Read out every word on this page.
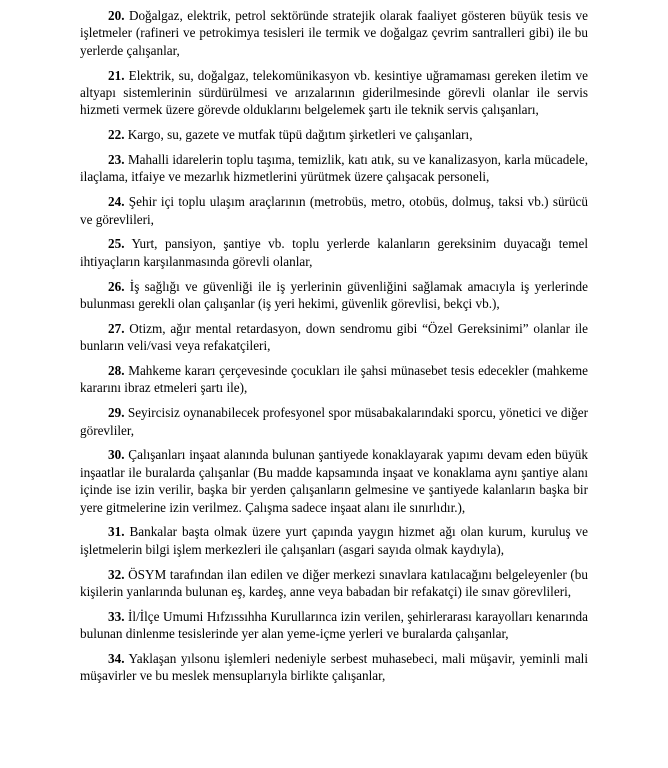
20. Doğalgaz, elektrik, petrol sektöründe stratejik olarak faaliyet gösteren büyük tesis ve işletmeler (rafineri ve petrokimya tesisleri ile termik ve doğalgaz çevrim santralleri gibi) ile bu yerlerde çalışanlar,

21. Elektrik, su, doğalgaz, telekomünikasyon vb. kesintiye uğramaması gereken iletim ve altyapı sistemlerinin sürdürülmesi ve arızalarının giderilmesinde görevli olanlar ile servis hizmeti vermek üzere görevde olduklarını belgelemek şartı ile teknik servis çalışanları,

22. Kargo, su, gazete ve mutfak tüpü dağıtım şirketleri ve çalışanları,

23. Mahalli idarelerin toplu taşıma, temizlik, katı atık, su ve kanalizasyon, karla mücadele, ilaçlama, itfaiye ve mezarlık hizmetlerini yürütmek üzere çalışacak personeli,

24. Şehir içi toplu ulaşım araçlarının (metrobüs, metro, otobüs, dolmuş, taksi vb.) sürücü ve görevlileri,

25. Yurt, pansiyon, şantiye vb. toplu yerlerde kalanların gereksinim duyacağı temel ihtiyaçların karşılanmasında görevli olanlar,

26. İş sağlığı ve güvenliği ile iş yerlerinin güvenliğini sağlamak amacıyla iş yerlerinde bulunması gerekli olan çalışanlar (iş yeri hekimi, güvenlik görevlisi, bekçi vb.),

27. Otizm, ağır mental retardasyon, down sendromu gibi “Özel Gereksinimi” olanlar ile bunların veli/vasi veya refakatçileri,

28. Mahkeme kararı çerçevesinde çocukları ile şahsi münasebet tesis edecekler (mahkeme kararını ibraz etmeleri şartı ile),

29. Seyircisiz oynanabilecek profesyonel spor müsabakalarındaki sporcu, yönetici ve diğer görevliler,

30. Çalışanları inşaat alanında bulunan şantiyede konaklayarak yapımı devam eden büyük inşaatlar ile buralarda çalışanlar (Bu madde kapsamında inşaat ve konaklama aynı şantiye alanı içinde ise izin verilir, başka bir yerden çalışanların gelmesine ve şantiyede kalanların başka bir yere gitmelerine izin verilmez. Çalışma sadece inşaat alanı ile sınırlıdır.),

31. Bankalar başta olmak üzere yurt çapında yaygın hizmet ağı olan kurum, kuruluş ve işletmelerin bilgi işlem merkezleri ile çalışanları (asgari sayıda olmak kaydıyla),

32. ÖSYM tarafından ilan edilen ve diğer merkezi sınavlara katılacağını belgeleyenler (bu kişilerin yanlarında bulunan eş, kardeş, anne veya babadan bir refakatçi) ile sınav görevlileri,

33. İl/İlçe Umumi Hıfzıssıhha Kurullarınca izin verilen, şehirlerarası karayolları kenarında bulunan dinlenme tesislerinde yer alan yeme-içme yerleri ve buralarda çalışanlar,

34. Yaklaşan yılsonu işlemleri nedeniyle serbest muhasebeci, mali müşavir, yeminli mali müşavirler ve bu meslek mensuplarıyla birlikte çalışanlar,
